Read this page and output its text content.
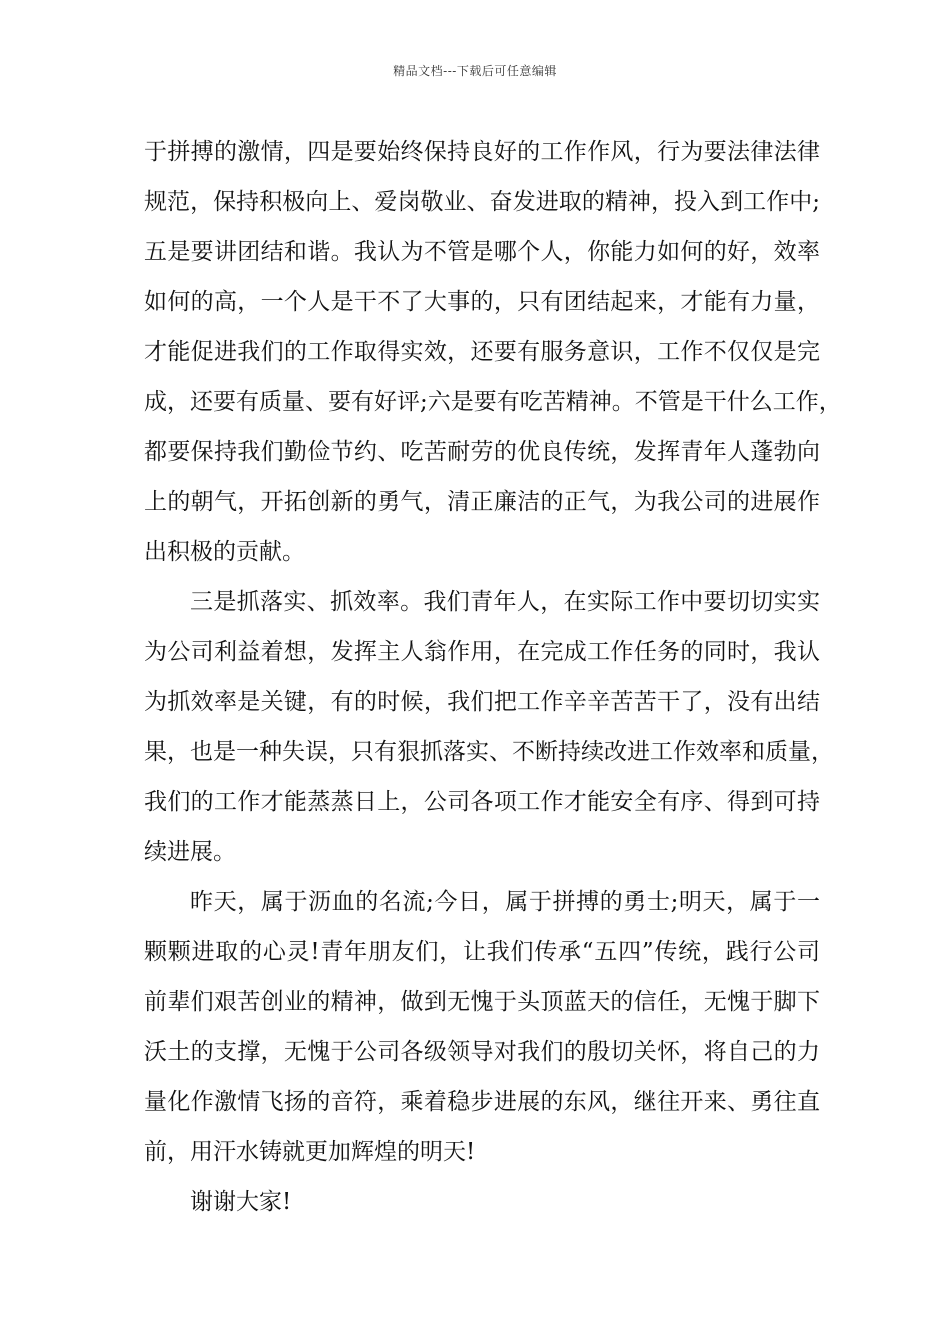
精品文档---下载后可任意编辑
于拼搏的激情，四是要始终保持良好的工作作风，行为要法律法律
规范，保持积极向上、爱岗敬业、奋发进取的精神，投入到工作中;
五是要讲团结和谐。我认为不管是哪个人，你能力如何的好，效率
如何的高，一个人是干不了大事的，只有团结起来，才能有力量，
才能促进我们的工作取得实效，还要有服务意识，工作不仅仅是完
成，还要有质量、要有好评;六是要有吃苦精神。不管是干什么工作，
都要保持我们勤俭节约、吃苦耐劳的优良传统，发挥青年人蓬勃向
上的朝气，开拓创新的勇气，清正廉洁的正气，为我公司的进展作
出积极的贡献。
三是抓落实、抓效率。我们青年人，在实际工作中要切切实实
为公司利益着想，发挥主人翁作用，在完成工作任务的同时，我认
为抓效率是关键，有的时候，我们把工作辛辛苦苦干了，没有出结
果，也是一种失误，只有狠抓落实、不断持续改进工作效率和质量，
我们的工作才能蒸蒸日上，公司各项工作才能安全有序、得到可持
续进展。
昨天，属于沥血的名流;今日，属于拼搏的勇士;明天，属于一
颗颗进取的心灵!青年朋友们，让我们传承“五四”传统，践行公司
前辈们艰苦创业的精神，做到无愧于头顶蓝天的信任，无愧于脚下
沃土的支撑，无愧于公司各级领导对我们的殷切关怀，将自己的力
量化作激情飞扬的音符，乘着稳步进展的东风，继往开来、勇往直
前，用汗水铸就更加辉煌的明天!
谢谢大家!
